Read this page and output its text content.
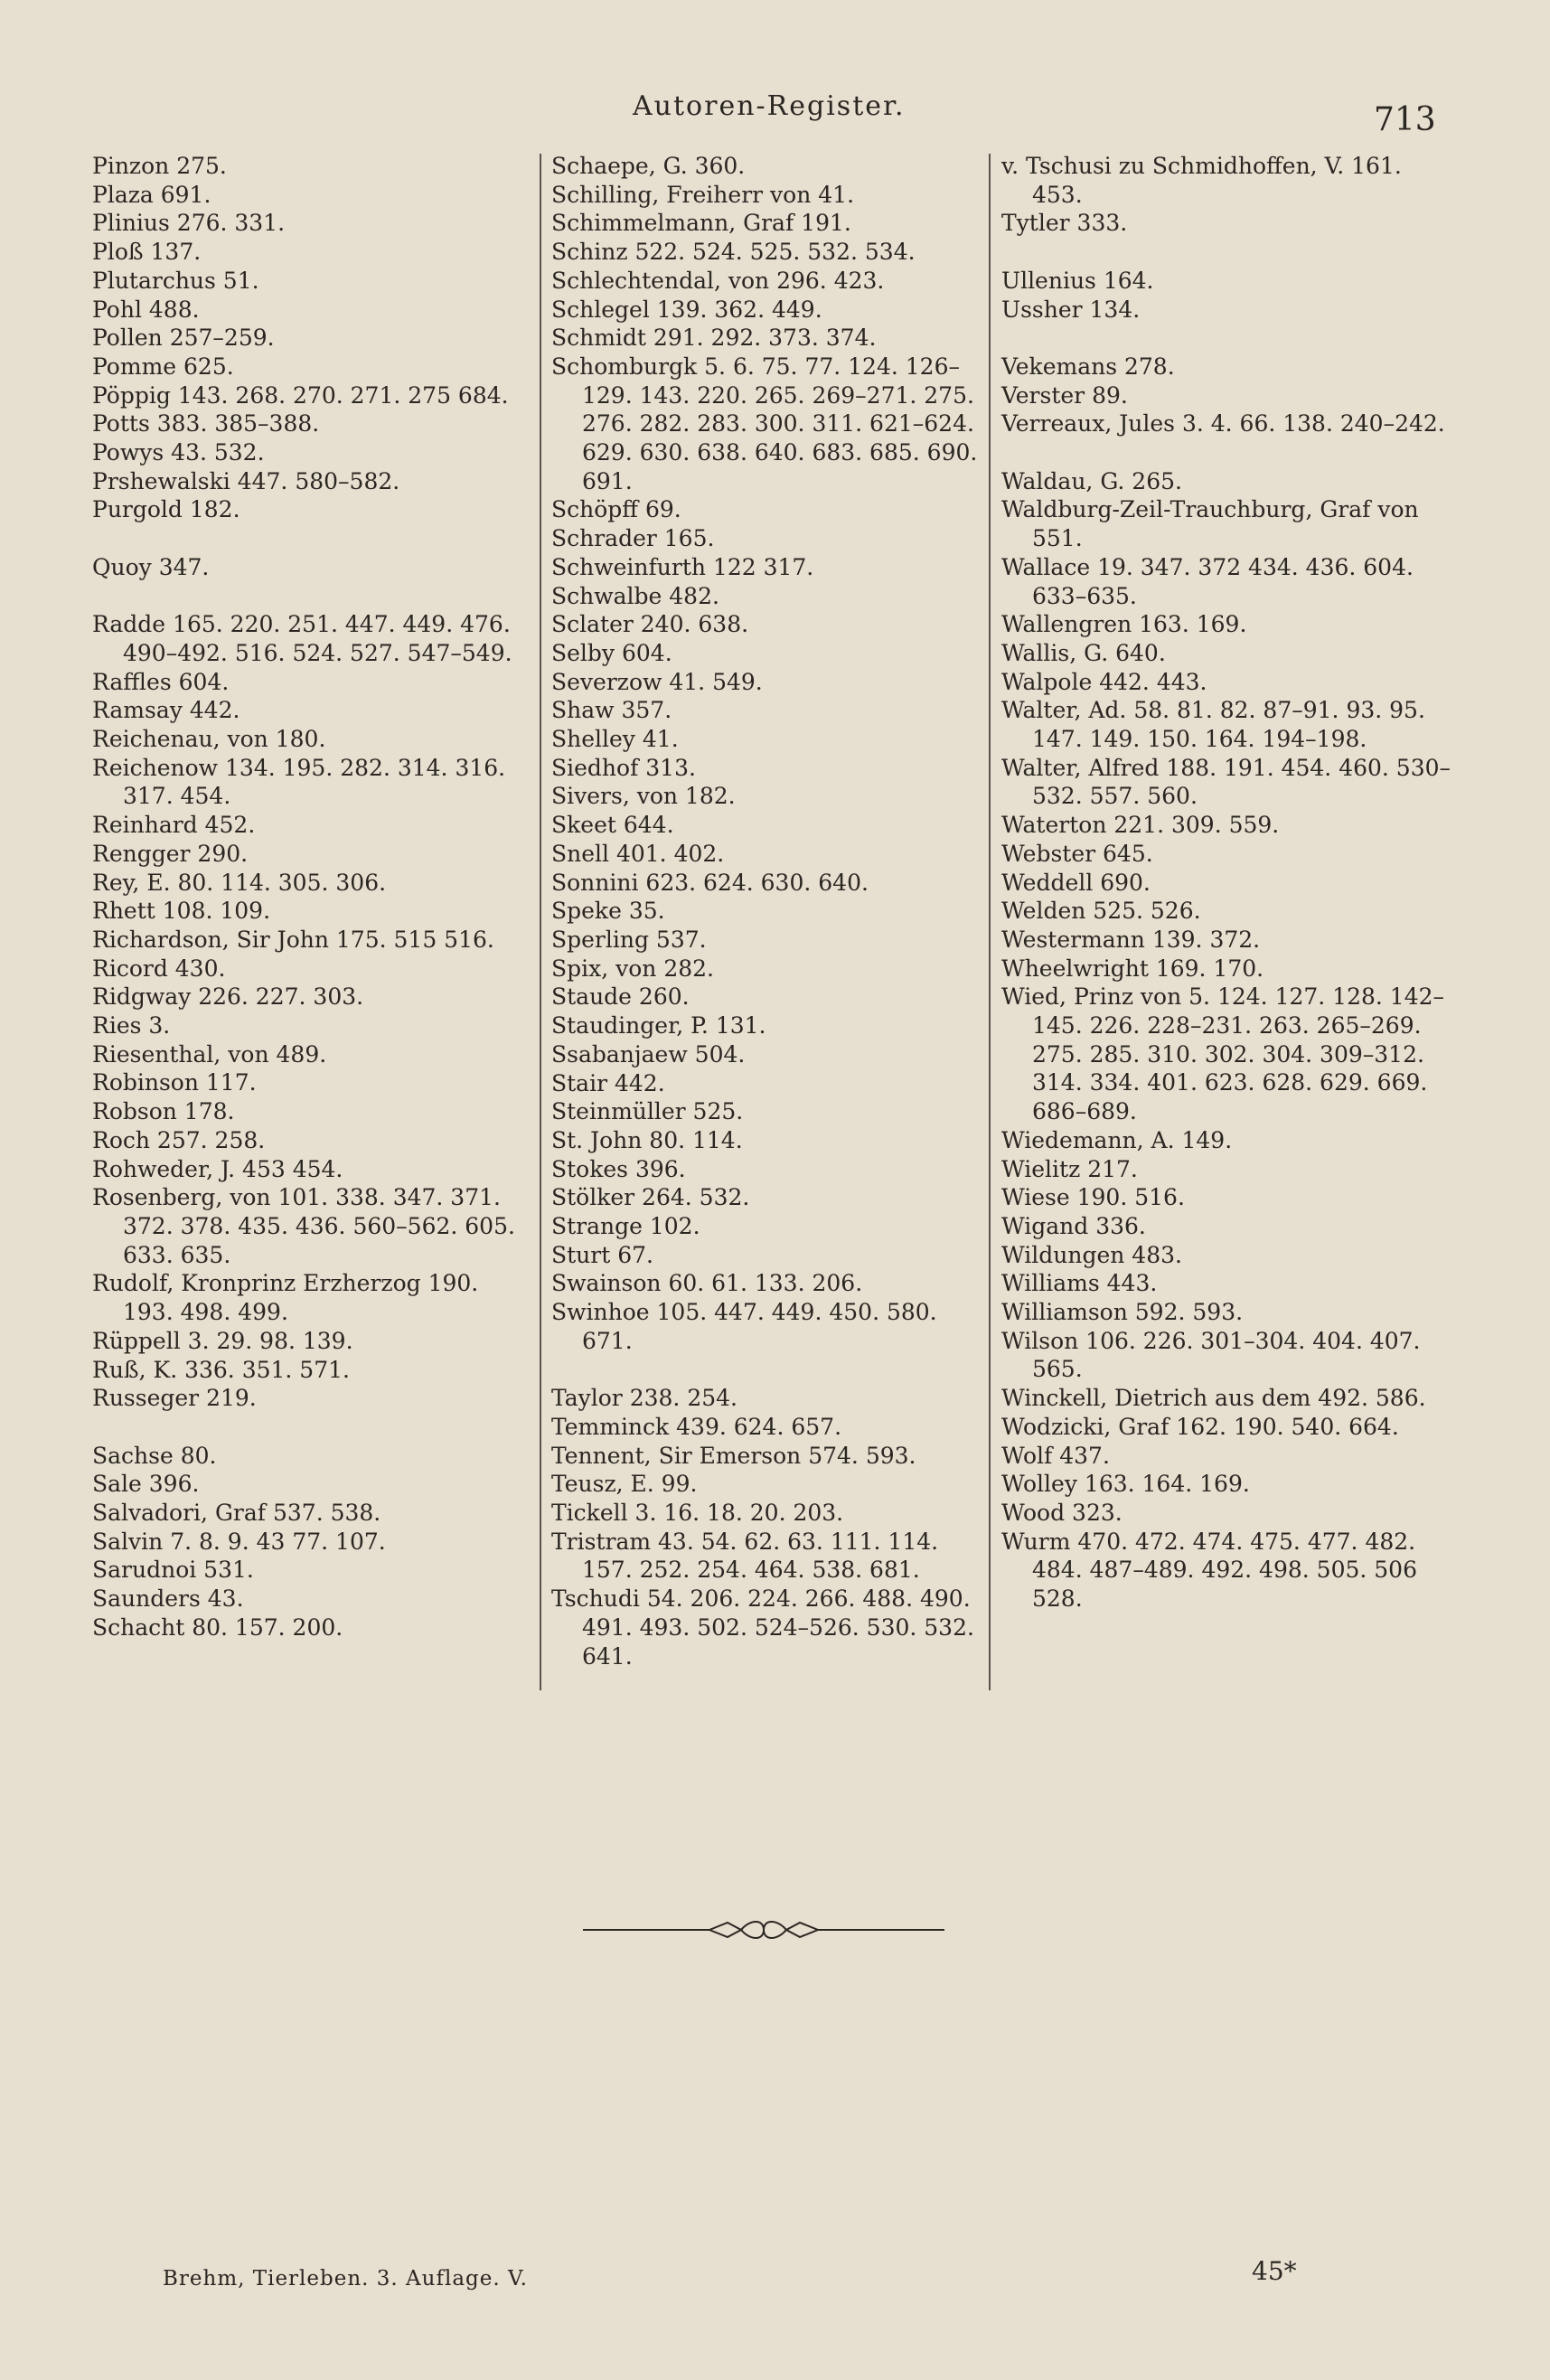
Autoren-Register.	713
Pinzon 275.
Plaza 691.
Plinius 276. 331.
Ploß 137.
Plutarchus 51.
Pohl 488.
Pollen 257–259.
Pomme 625.
Pöppig 143. 268. 270. 271. 275 684.
Potts 383. 385–388.
Powys 43. 532.
Prshewalski 447. 580–582.
Purgold 182.
Quoy 347.
Radde 165. 220. 251. 447. 449. 476. 490–492. 516. 524. 527. 547–549.
Raffles 604.
Ramsay 442.
Reichenau, von 180.
Reichenow 134. 195. 282. 314. 316. 317. 454.
Reinhard 452.
Rengger 290.
Rey, E. 80. 114. 305. 306.
Rhett 108. 109.
Richardson, Sir John 175. 515 516.
Ricord 430.
Ridgway 226. 227. 303.
Ries 3.
Riesenthal, von 489.
Robinson 117.
Robson 178.
Roch 257. 258.
Rohweder, J. 453 454.
Rosenberg, von 101. 338. 347. 371. 372. 378. 435. 436. 560–562. 605. 633. 635.
Rudolf, Kronprinz Erzherzog 190. 193. 498. 499.
Rüppell 3. 29. 98. 139.
Ruß, K. 336. 351. 571.
Russeger 219.
Sachse 80.
Sale 396.
Salvadori, Graf 537. 538.
Salvin 7. 8. 9. 43 77. 107.
Sarudnoi 531.
Saunders 43.
Schacht 80. 157. 200.
Schaepe, G. 360.
Schilling, Freiherr von 41.
Schimmelmann, Graf 191.
Schinz 522. 524. 525. 532. 534.
Schlechtendal, von 296. 423.
Schlegel 139. 362. 449.
Schmidt 291. 292. 373. 374.
Schomburgk 5. 6. 75. 77. 124. 126–129. 143. 220. 265. 269–271. 275. 276. 282. 283. 300. 311. 621–624. 629. 630. 638. 640. 683. 685. 690. 691.
Schöpff 69.
Schrader 165.
Schweinfurth 122 317.
Schwalbe 482.
Sclater 240. 638.
Selby 604.
Severzow 41. 549.
Shaw 357.
Shelley 41.
Siedhof 313.
Sivers, von 182.
Skeet 644.
Snell 401. 402.
Sonnini 623. 624. 630. 640.
Speke 35.
Sperling 537.
Spix, von 282.
Staude 260.
Staudinger, P. 131.
Ssabanjaew 504.
Stair 442.
Steinmüller 525.
St. John 80. 114.
Stokes 396.
Stölker 264. 532.
Strange 102.
Sturt 67.
Swainson 60. 61. 133. 206.
Swinhoe 105. 447. 449. 450. 580. 671.
Taylor 238. 254.
Temminck 439. 624. 657.
Tennent, Sir Emerson 574. 593.
Teusz, E. 99.
Tickell 3. 16. 18. 20. 203.
Tristram 43. 54. 62. 63. 111. 114. 157. 252. 254. 464. 538. 681.
Tschudi 54. 206. 224. 266. 488. 490. 491. 493. 502. 524–526. 530. 532. 641.
v. Tschusi zu Schmidhoffen, V. 161. 453.
Tytler 333.
Ullenius 164.
Ussher 134.
Vekemans 278.
Verster 89.
Verreaux, Jules 3. 4. 66. 138. 240–242.
Waldau, G. 265.
Waldburg-Zeil-Trauchburg, Graf von 551.
Wallace 19. 347. 372 434. 436. 604. 633–635.
Wallengren 163. 169.
Wallis, G. 640.
Walpole 442. 443.
Walter, Ad. 58. 81. 82. 87–91. 93. 95. 147. 149. 150. 164. 194–198.
Walter, Alfred 188. 191. 454. 460. 530–532. 557. 560.
Waterton 221. 309. 559.
Webster 645.
Weddell 690.
Welden 525. 526.
Westermann 139. 372.
Wheelwright 169. 170.
Wied, Prinz von 5. 124. 127. 128. 142–145. 226. 228–231. 263. 265–269. 275. 285. 310. 302. 304. 309–312. 314. 334. 401. 623. 628. 629. 669. 686–689.
Wiedemann, A. 149.
Wielitz 217.
Wiese 190. 516.
Wigand 336.
Wildungen 483.
Williams 443.
Williamson 592. 593.
Wilson 106. 226. 301–304. 404. 407. 565.
Winckell, Dietrich aus dem 492. 586.
Wodzicki, Graf 162. 190. 540. 664.
Wolf 437.
Wolley 163. 164. 169.
Wood 323.
Wurm 470. 472. 474. 475. 477. 482. 484. 487–489. 492. 498. 505. 506 528.
Brehm, Tierleben. 3. Auflage. V.	45*
